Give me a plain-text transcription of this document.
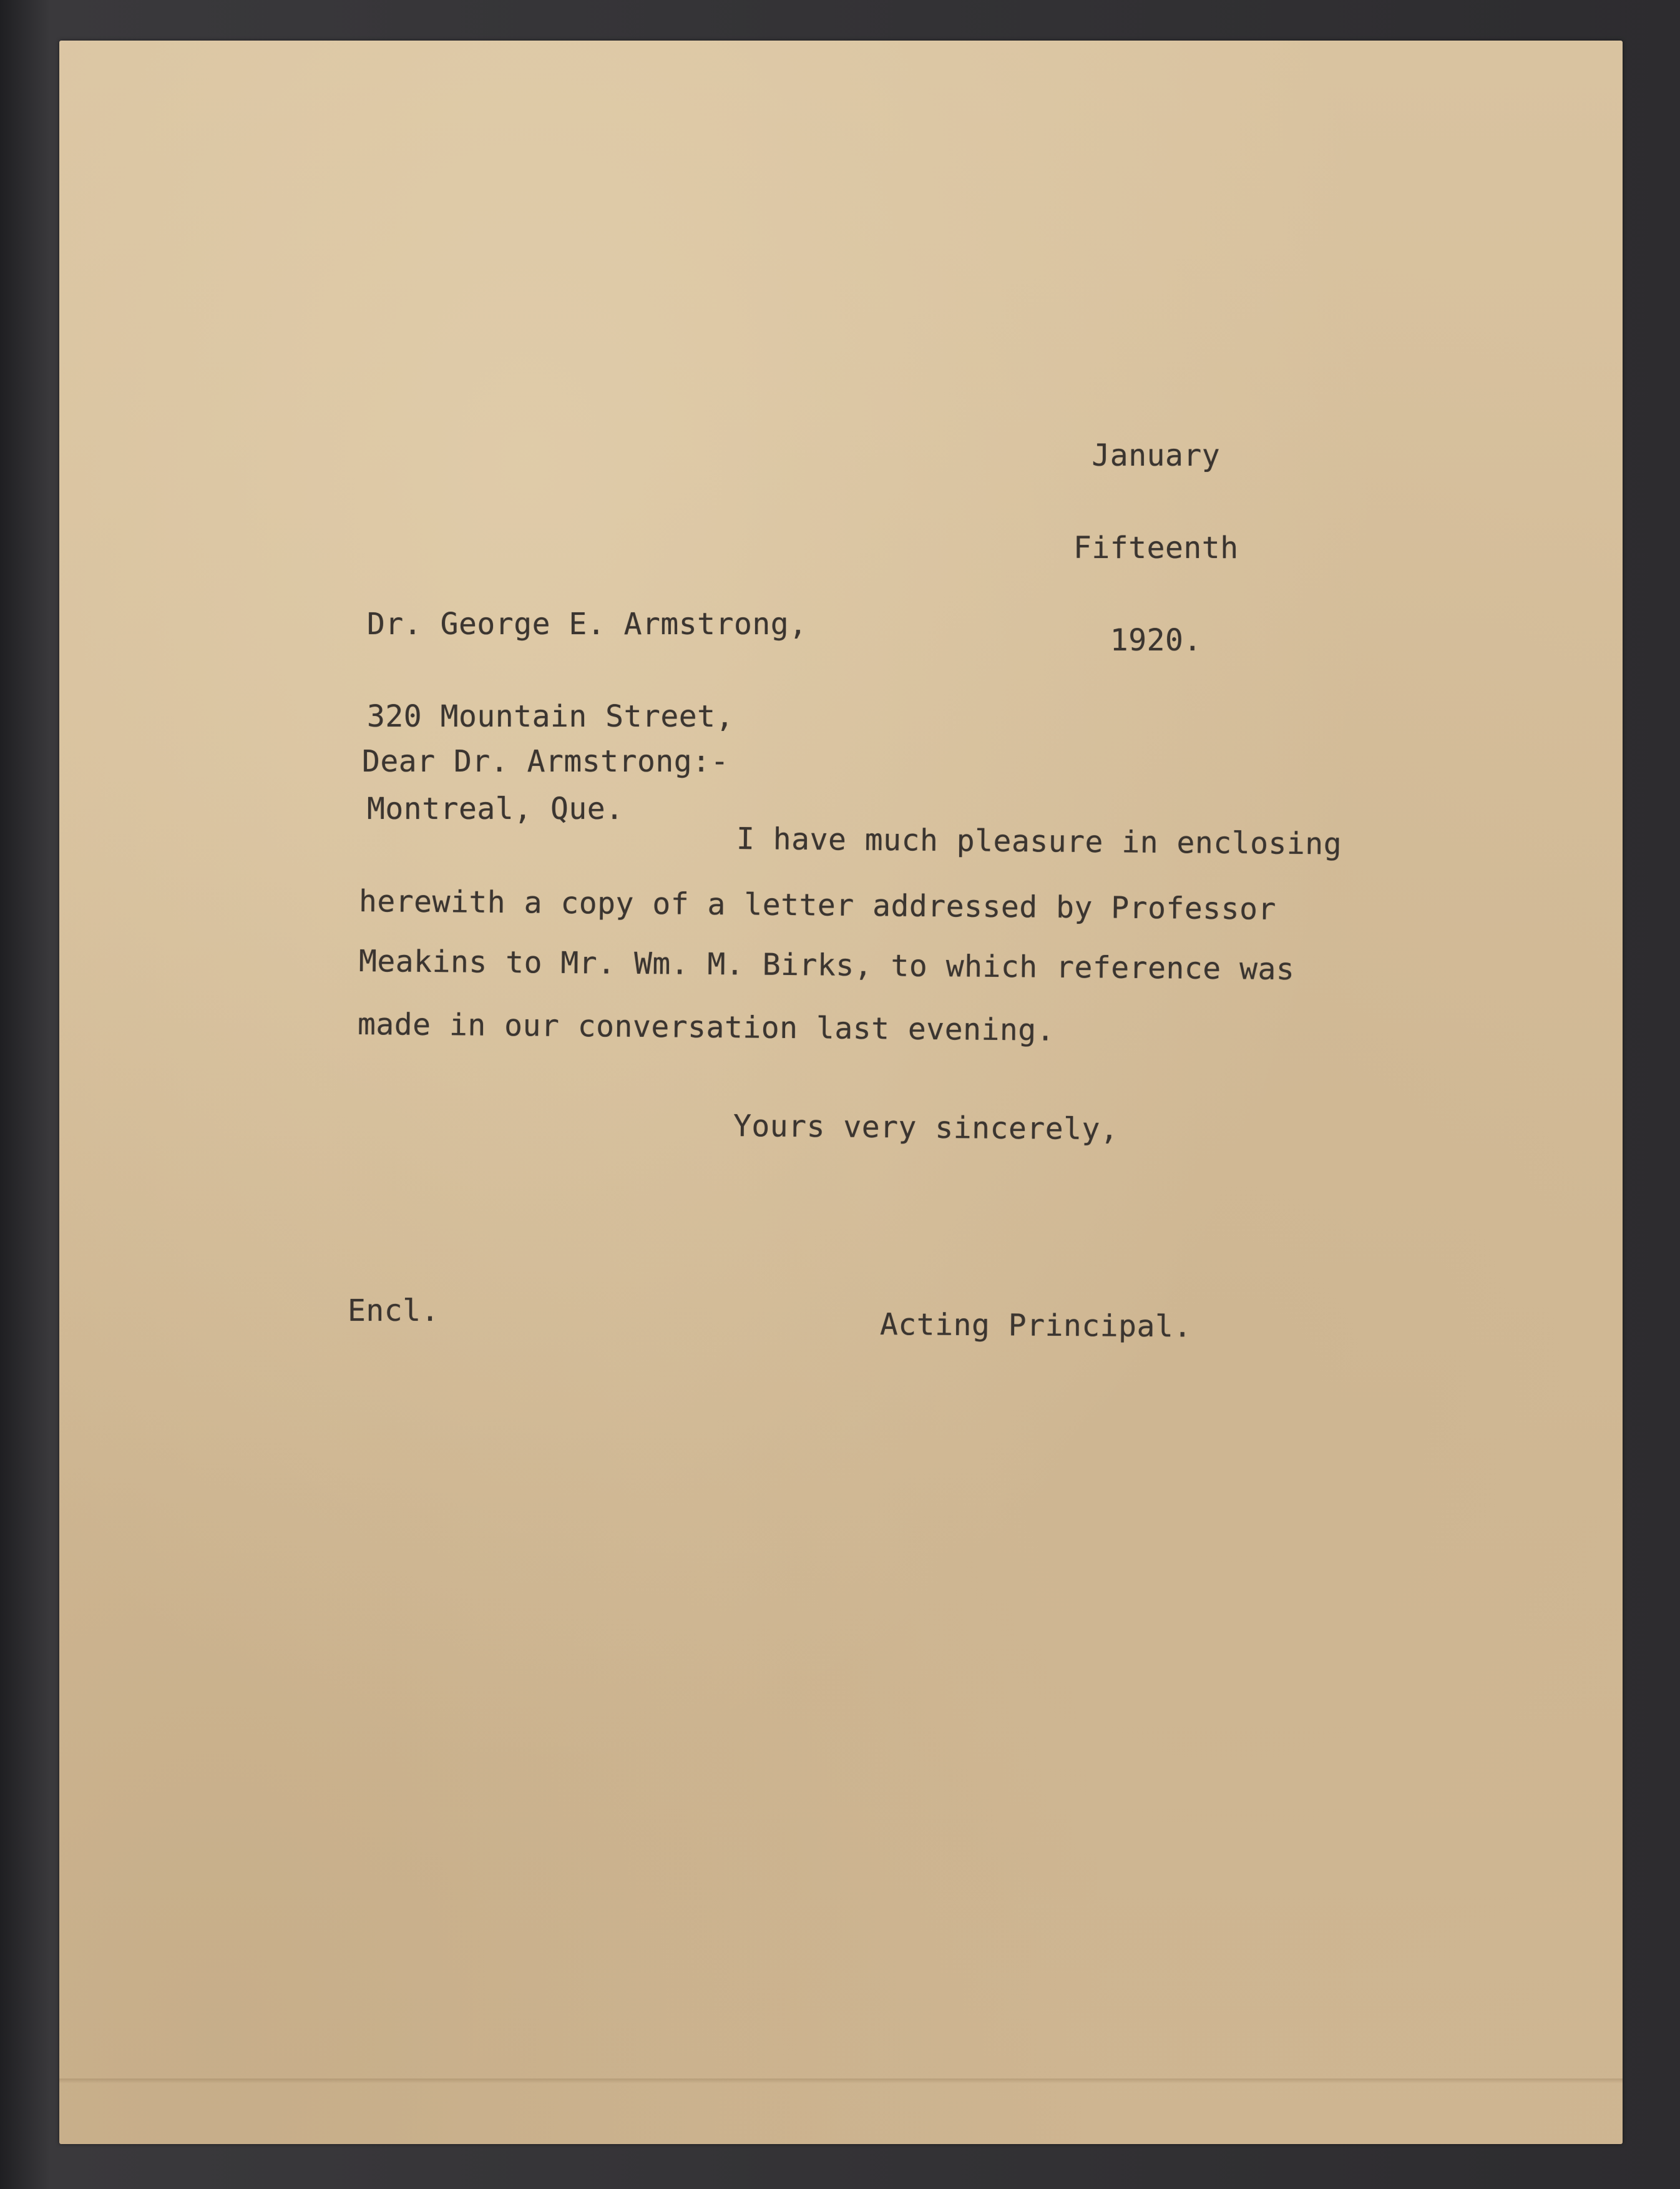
January

Fifteenth

1920.

Dr. George E. Armstrong,

320 Mountain Street,

Montreal, Que.

Dear Dr. Armstrong:-
I have much pleasure in enclosing
herewith a copy of a letter addressed by Professor
Meakins to Mr. Wm. M. Birks, to which reference was
made in our conversation last evening.
Yours very sincerely,
Encl.	Acting Principal.
